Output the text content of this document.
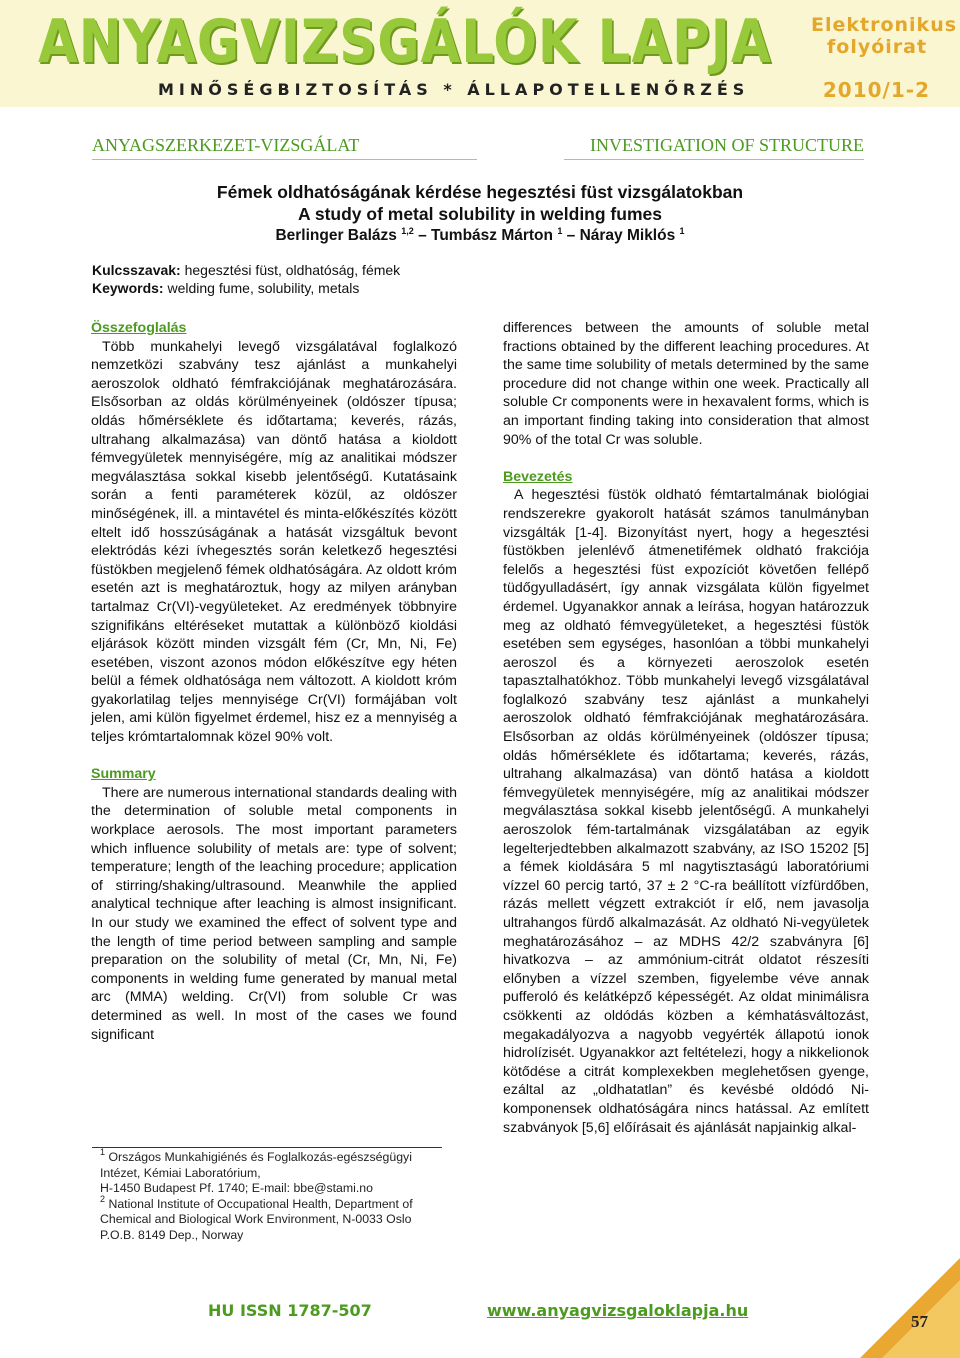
ANYAGVIZSGÁLÓK LAPJA
MINŐSÉGBIZTOSÍTÁS * ÁLLAPOTELLENŐRZÉS
Elektronikus
folyóirat
2010/1-2
ANYAGSZERKEZET-VIZSGÁLAT	INVESTIGATION OF STRUCTURE
Fémek oldhatóságának kérdése hegesztési füst vizsgálatokban
A study of metal solubility in welding fumes
Berlinger Balázs $^{1,2}$ – Tumbász Márton $^1$ – Náray Miklós $^1$
Kulcsszavak: hegesztési füst, oldhatóság, fémek
Keywords: welding fume, solubility, metals
Összefoglalás

Több munkahelyi levegő vizsgálatával foglalkozó nemzetközi szabvány tesz ajánlást a munkahelyi aeroszolok oldható fémfrakciójának meghatározására. Elsősorban az oldás körülményeinek (oldószer típusa; oldás hőmérséklete és időtartama; keverés, rázás, ultrahang alkalmazása) van döntő hatása a kioldott fémvegyületek mennyiségére, míg az analitikai módszer megválasztása sokkal kisebb jelentőségű. Kutatásaink során a fenti paraméterek közül, az oldószer minőségének, ill. a mintavétel és minta-előkészítés között eltelt idő hosszúságának a hatását vizsgáltuk bevont elektródás kézi ívhegesztés során keletkező hegesztési füstökben megjelenő fémek oldhatóságára. Az oldott króm esetén azt is meghatároztuk, hogy az milyen arányban tartalmaz Cr(VI)-vegyületeket. Az eredmények többnyire szignifikáns eltéréseket mutattak a különböző kioldási eljárások között minden vizsgált fém (Cr, Mn, Ni, Fe) esetében, viszont azonos módon előkészítve egy héten belül a fémek oldhatósága nem változott. A kioldott króm gyakorlatilag teljes mennyisége Cr(VI) formájában volt jelen, ami külön figyelmet érdemel, hisz ez a mennyiség a teljes krómtartalomnak közel 90% volt.

Summary

There are numerous international standards dealing with the determination of soluble metal components in workplace aerosols. The most important parameters which influence solubility of metals are: type of solvent; temperature; length of the leaching procedure; application of stirring/shaking/ultrasound. Meanwhile the applied analytical technique after leaching is almost insignificant. In our study we examined the effect of solvent type and the length of time period between sampling and sample preparation on the solubility of metal (Cr, Mn, Ni, Fe) components in welding fume generated by manual metal arc (MMA) welding. Cr(VI) from soluble Cr was determined as well. In most of the cases we found significant

differences between the amounts of soluble metal fractions obtained by the different leaching procedures. At the same time solubility of metals determined by the same procedure did not change within one week. Practically all soluble Cr components were in hexavalent forms, which is an important finding taking into consideration that almost 90% of the total Cr was soluble.

Bevezetés

A hegesztési füstök oldható fémtartalmának biológiai rendszerekre gyakorolt hatását számos tanulmányban vizsgálták [1-4]. Bizonyítást nyert, hogy a hegesztési füstökben jelenlévő átmenetifémek oldható frakciója felelős a hegesztési füst expozíciót követően fellépő tüdőgyulladásért, így annak vizsgálata külön figyelmet érdemel. Ugyanakkor annak a leírása, hogyan határozzuk meg az oldható fémvegyületeket, a hegesztési füstök esetében sem egységes, hasonlóan a többi munkahelyi aeroszol és a környezeti aeroszolok esetén tapasztalhatókhoz. Több munkahelyi levegő vizsgálatával foglalkozó szabvány tesz ajánlást a munkahelyi aeroszolok oldható fémfrakciójának meghatározására. Elsősorban az oldás körülményeinek (oldószer típusa; oldás hőmérséklete és időtartama; keverés, rázás, ultrahang alkalmazása) van döntő hatása a kioldott fémvegyületek mennyiségére, míg az analitikai módszer megválasztása sokkal kisebb jelentőségű. A munkahelyi aeroszolok fém-tartalmának vizsgálatában az egyik legelterjedtebben alkalmazott szabvány, az ISO 15202 [5] a fémek kioldására 5 ml nagytisztaságú laboratóriumi vízzel 60 percig tartó, 37 ± 2 °C-ra beállított vízfürdőben, rázás mellett végzett extrakciót ír elő, nem javasolja ultrahangos fürdő alkalmazását. Az oldható Ni-vegyületek meghatározásához – az MDHS 42/2 szabványra [6] hivatkozva – az ammónium-citrát oldatot részesíti előnyben a vízzel szemben, figyelembe véve annak pufferoló és kelátképző képességét. Az oldat minimálisra csökkenti az oldódás közben a kémhatásváltozást, megakadályozva a nagyobb vegyérték állapotú ionok hidrolízisét. Ugyanakkor azt feltételezi, hogy a nikkelionok kötődése a citrát komplexekben meglehetősen gyenge, ezáltal az „oldhatatlan” és kevésbé oldódó Ni-komponensek oldhatóságára nincs hatással. Az említett szabványok [5,6] előírásait és ajánlását napjainkig alkal-

$^1$ Országos Munkahigiénés és Foglalkozás-egészségügyi

Intézet, Kémiai Laboratórium,

H-1450 Budapest Pf. 1740; E-mail: bbe@stami.no

$^2$ National Institute of Occupational Health, Department of

Chemical and Biological Work Environment, N-0033 Oslo

P.O.B. 8149 Dep., Norway

HU ISSN 1787-507	www.anyagvizsgaloklapja.hu
57
